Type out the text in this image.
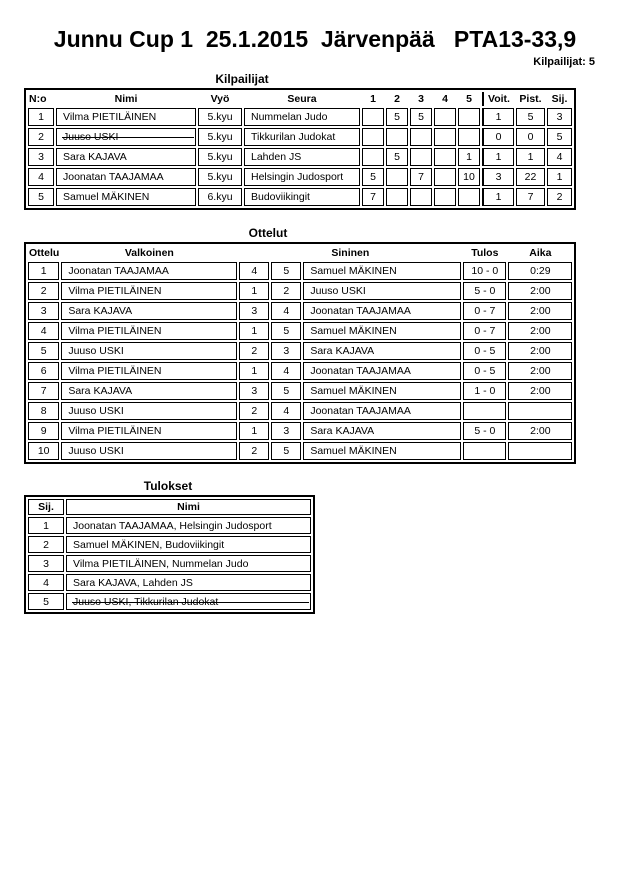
Junnu Cup 1  25.1.2015  Järvenpää   PTA13-33,9
Kilpailijat: 5
Kilpailijat
N:o	Nimi	Vyö	Seura	1	2	3	4	5	Voit.	Pist.	Sij.
1	Vilma PIETILÄINEN	5.kyu	Nummelan Judo		5	5			1	5	3
2	Juuso USKI	5.kyu	Tikkurilan Judokat						0	0	5
3	Sara KAJAVA	5.kyu	Lahden JS		5			1	1	1	4
4	Joonatan TAAJAMAA	5.kyu	Helsingin Judosport	5		7		10	3	22	1
5	Samuel MÄKINEN	6.kyu	Budoviikingit	7					1	7	2
Ottelut
Ottelu	Valkoinen	Sininen			Tulos	Aika
1	Joonatan TAAJAMAA	4	5	Samuel MÄKINEN	10 - 0	0:29
2	Vilma PIETILÄINEN	1	2	Juuso USKI	5 - 0	2:00
3	Sara KAJAVA	3	4	Joonatan TAAJAMAA	0 - 7	2:00
4	Vilma PIETILÄINEN	1	5	Samuel MÄKINEN	0 - 7	2:00
5	Juuso USKI	2	3	Sara KAJAVA	0 - 5	2:00
6	Vilma PIETILÄINEN	1	4	Joonatan TAAJAMAA	0 - 5	2:00
7	Sara KAJAVA	3	5	Samuel MÄKINEN	1 - 0	2:00
8	Juuso USKI	2	4	Joonatan TAAJAMAA		
9	Vilma PIETILÄINEN	1	3	Sara KAJAVA	5 - 0	2:00
10	Juuso USKI	2	5	Samuel MÄKINEN		
Tulokset
Sij.	Nimi
1	Joonatan TAAJAMAA, Helsingin Judosport
2	Samuel MÄKINEN, Budoviikingit
3	Vilma PIETILÄINEN, Nummelan Judo
4	Sara KAJAVA, Lahden JS
5	Juuso USKI, Tikkurilan Judokat
